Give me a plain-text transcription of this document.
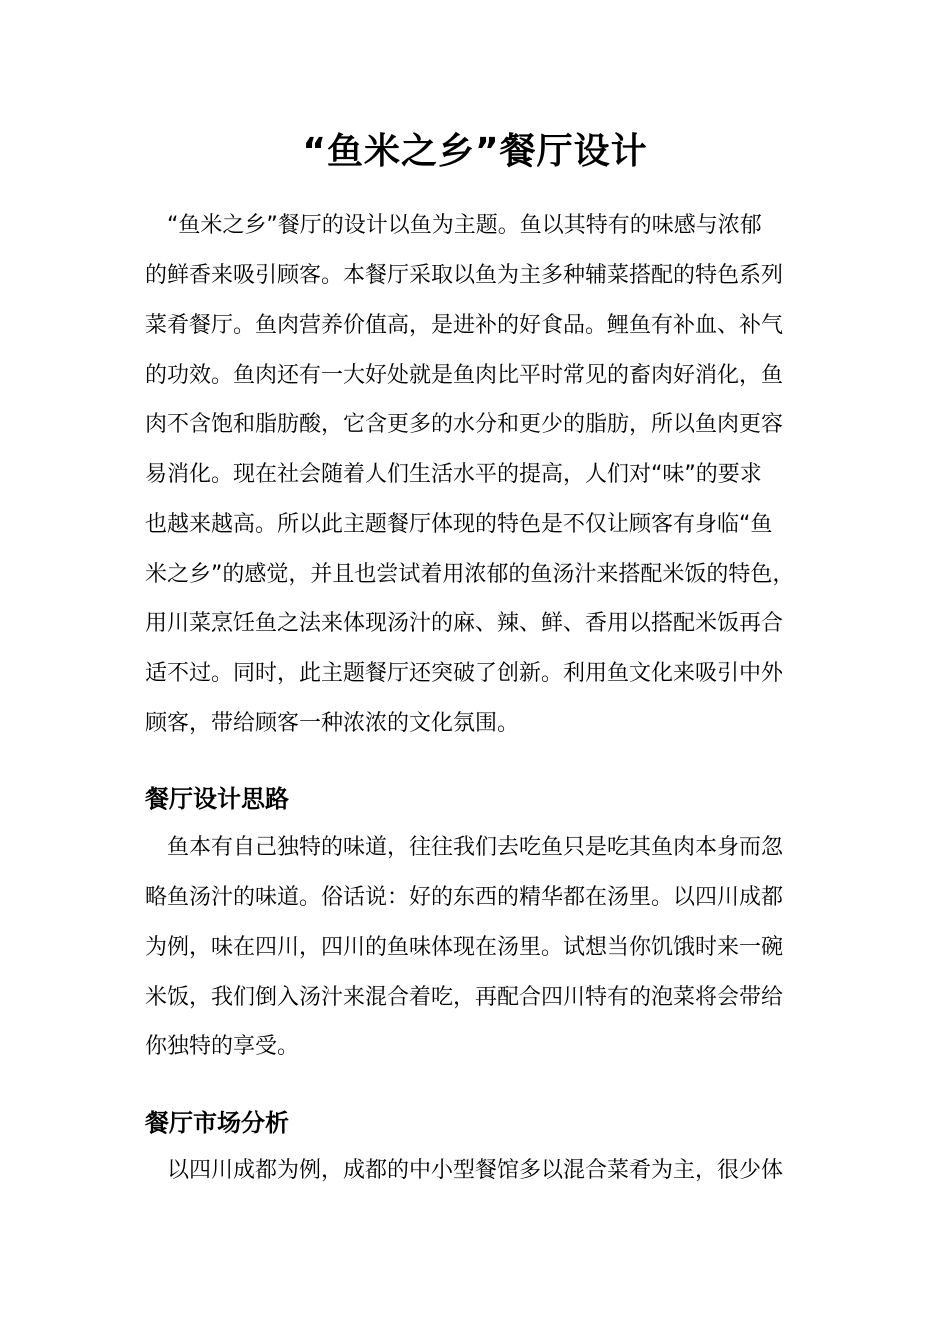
“鱼米之乡”餐厅设计
　“鱼米之乡”餐厅的设计以鱼为主题。鱼以其特有的味感与浓郁
的鲜香来吸引顾客。本餐厅采取以鱼为主多种辅菜搭配的特色系列
菜肴餐厅。鱼肉营养价值高，是进补的好食品。鲤鱼有补血、补气
的功效。鱼肉还有一大好处就是鱼肉比平时常见的畜肉好消化，鱼
肉不含饱和脂肪酸，它含更多的水分和更少的脂肪，所以鱼肉更容
易消化。现在社会随着人们生活水平的提高，人们对“味”的要求
也越来越高。所以此主题餐厅体现的特色是不仅让顾客有身临“鱼
米之乡”的感觉，并且也尝试着用浓郁的鱼汤汁来搭配米饭的特色，
用川菜烹饪鱼之法来体现汤汁的麻、辣、鲜、香用以搭配米饭再合
适不过。同时，此主题餐厅还突破了创新。利用鱼文化来吸引中外
顾客，带给顾客一种浓浓的文化氛围。
餐厅设计思路
　鱼本有自己独特的味道，往往我们去吃鱼只是吃其鱼肉本身而忽
略鱼汤汁的味道。俗话说：好的东西的精华都在汤里。以四川成都
为例，味在四川，四川的鱼味体现在汤里。试想当你饥饿时来一碗
米饭，我们倒入汤汁来混合着吃，再配合四川特有的泡菜将会带给
你独特的享受。
餐厅市场分析
　以四川成都为例，成都的中小型餐馆多以混合菜肴为主，很少体
